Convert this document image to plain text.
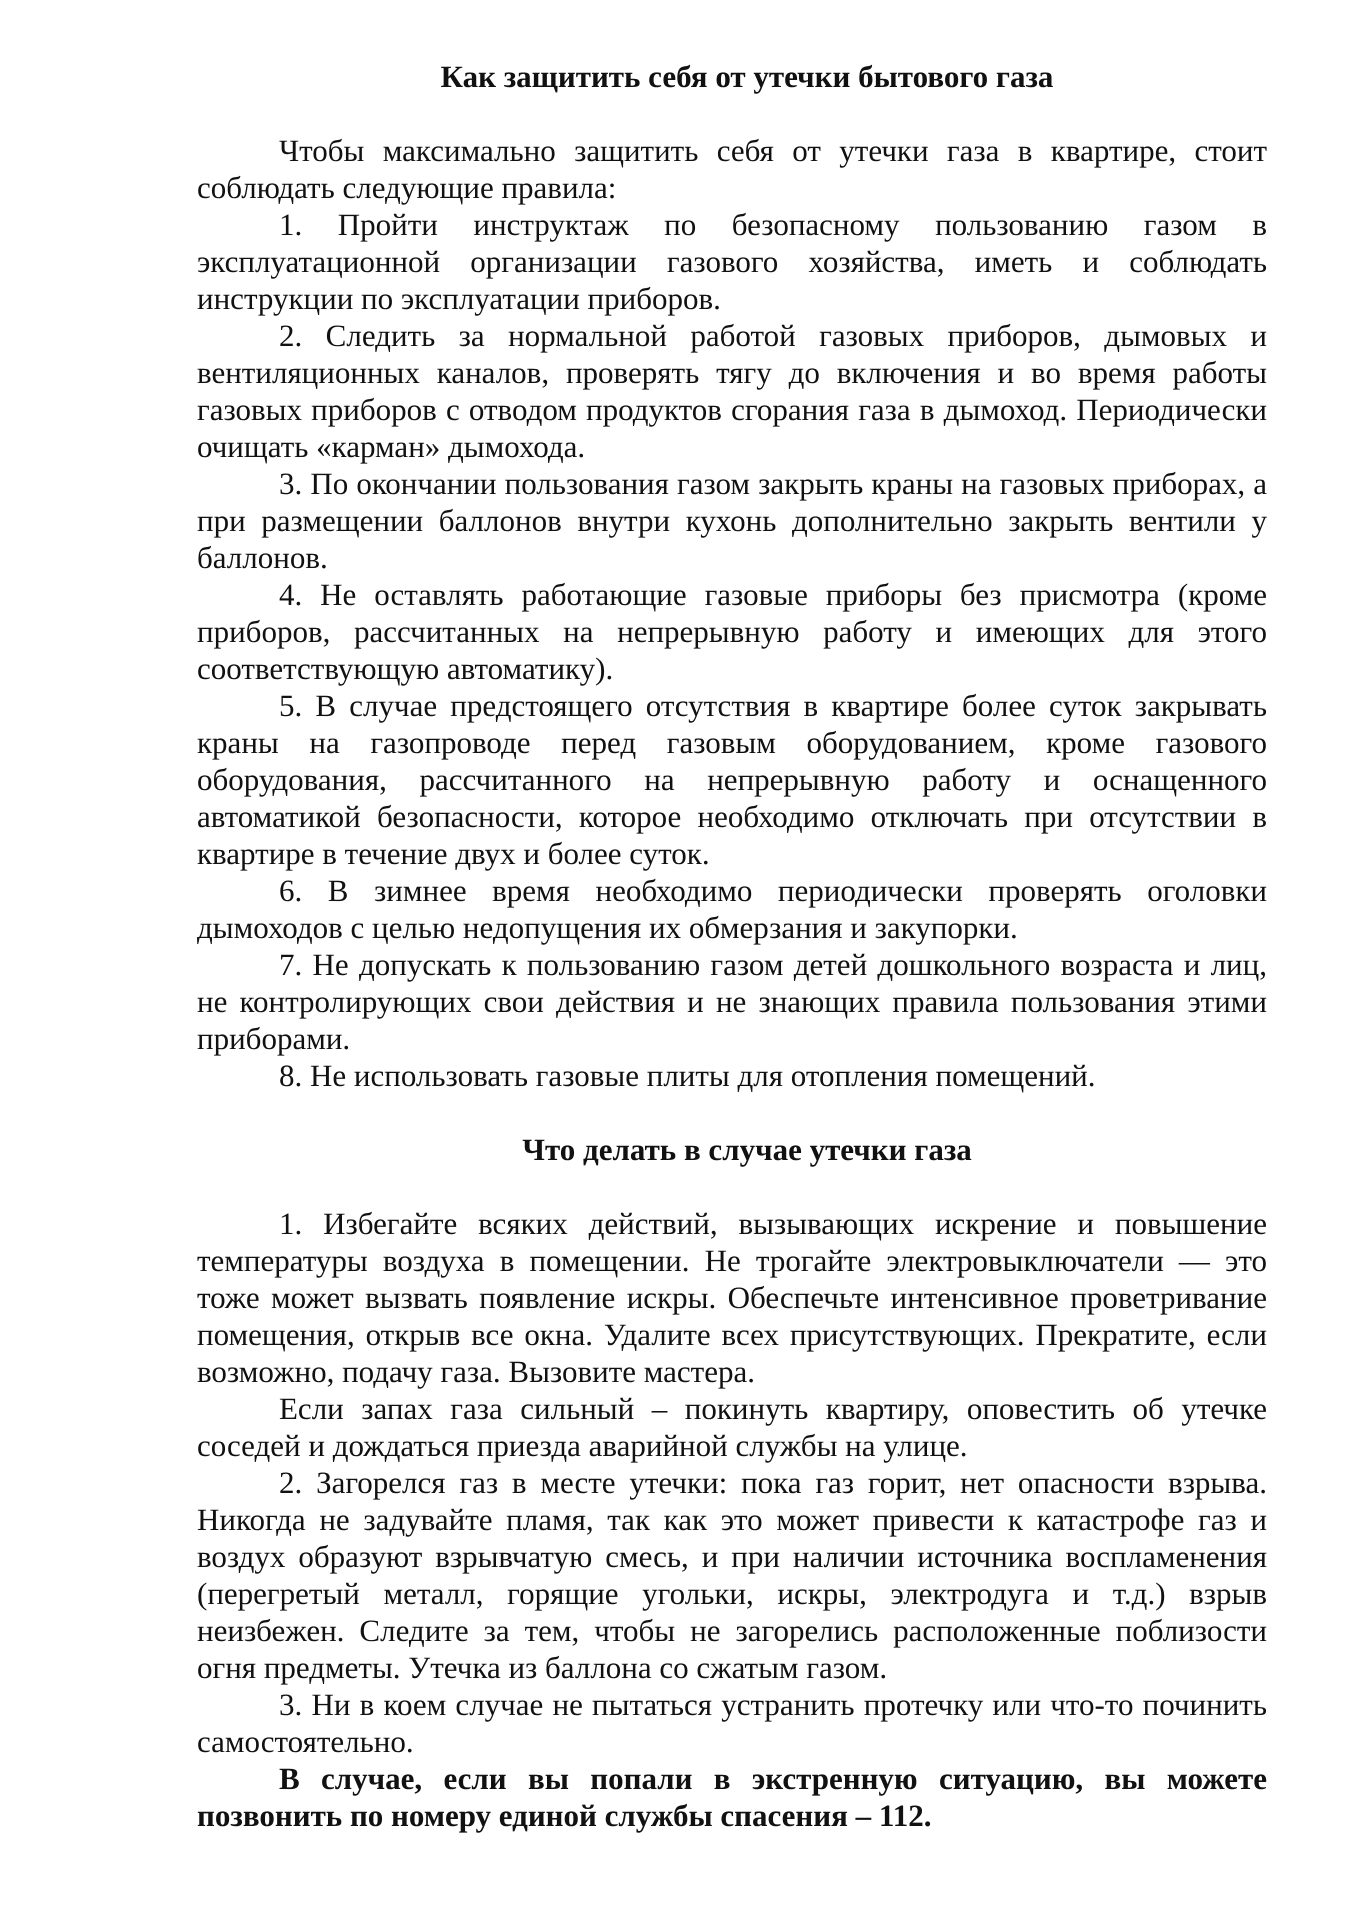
Как защитить себя от утечки бытового газа

Чтобы максимально защитить себя от утечки газа в квартире, стоит соблюдать следующие правила:

1. Пройти инструктаж по безопасному пользованию газом в эксплуатационной организации газового хозяйства, иметь и соблюдать инструкции по эксплуатации приборов.

2. Следить за нормальной работой газовых приборов, дымовых и вентиляционных каналов, проверять тягу до включения и во время работы газовых приборов с отводом продуктов сгорания газа в дымоход. Периодически очищать «карман» дымохода.

3. По окончании пользования газом закрыть краны на газовых приборах, а при размещении баллонов внутри кухонь дополнительно закрыть вентили у баллонов.

4. Не оставлять работающие газовые приборы без присмотра (кроме приборов, рассчитанных на непрерывную работу и имеющих для этого соответствующую автоматику).

5. В случае предстоящего отсутствия в квартире более суток закрывать краны на газопроводе перед газовым оборудованием, кроме газового оборудования, рассчитанного на непрерывную работу и оснащенного автоматикой безопасности, которое необходимо отключать при отсутствии в квартире в течение двух и более суток.

6. В зимнее время необходимо периодически проверять оголовки дымоходов с целью недопущения их обмерзания и закупорки.

7. Не допускать к пользованию газом детей дошкольного возраста и лиц, не контролирующих свои действия и не знающих правила пользования этими приборами.

8. Не использовать газовые плиты для отопления помещений.

Что делать в случае утечки газа

1. Избегайте всяких действий, вызывающих искрение и повышение температуры воздуха в помещении. Не трогайте электровыключатели — это тоже может вызвать появление искры. Обеспечьте интенсивное проветривание помещения, открыв все окна. Удалите всех присутствующих. Прекратите, если возможно, подачу газа. Вызовите мастера.

Если запах газа сильный – покинуть квартиру, оповестить об утечке соседей и дождаться приезда аварийной службы на улице.

2. Загорелся газ в месте утечки: пока газ горит, нет опасности взрыва. Никогда не задувайте пламя, так как это может привести к катастрофе газ и воздух образуют взрывчатую смесь, и при наличии источника воспламенения (перегретый металл, горящие угольки, искры, электродуга и т.д.) взрыв неизбежен. Следите за тем, чтобы не загорелись расположенные поблизости огня предметы. Утечка из баллона со сжатым газом.

3. Ни в коем случае не пытаться устранить протечку или что-то починить самостоятельно.

В случае, если вы попали в экстренную ситуацию, вы можете позвонить по номеру единой службы спасения – 112.
